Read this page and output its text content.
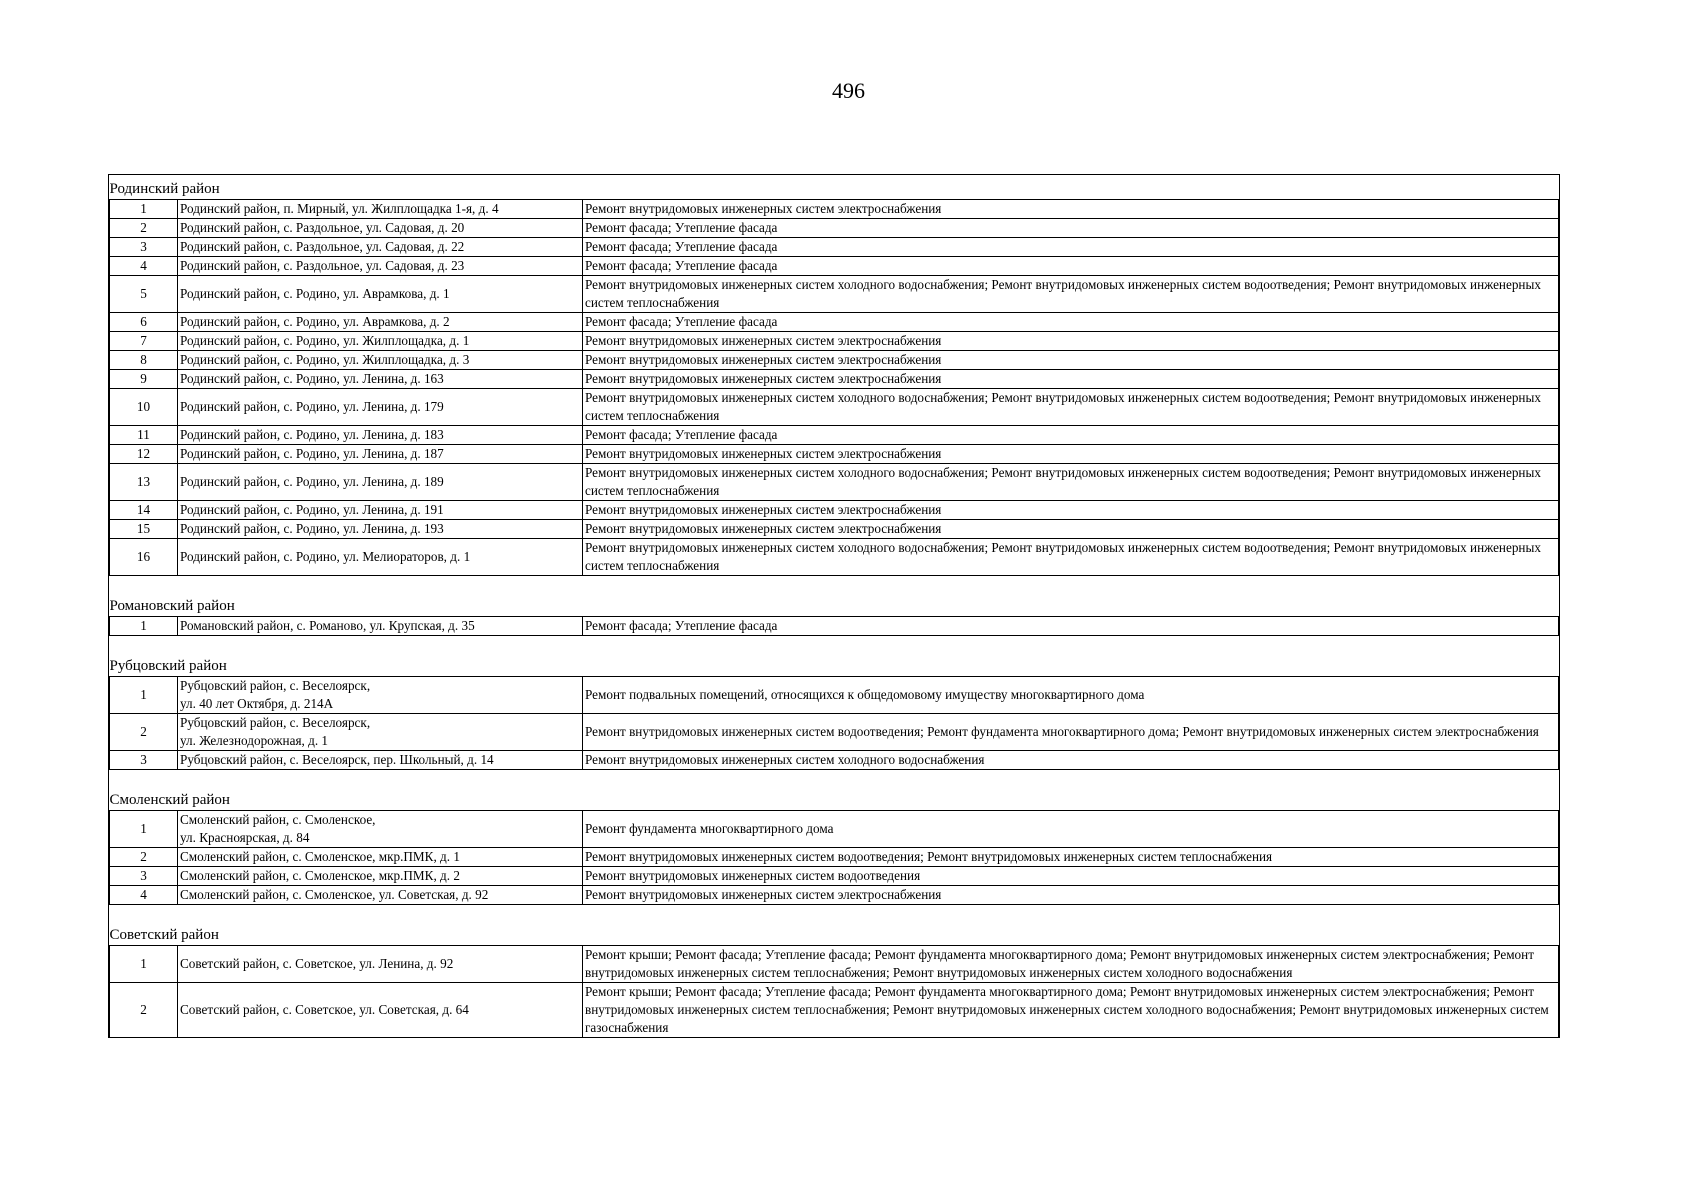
496
Родинский район		
1	Родинский район, п. Мирный, ул. Жилплощадка 1-я, д. 4	Ремонт внутридомовых инженерных систем электроснабжения
2	Родинский район, с. Раздольное, ул. Садовая, д. 20	Ремонт фасада; Утепление фасада
3	Родинский район, с. Раздольное, ул. Садовая, д. 22	Ремонт фасада; Утепление фасада
4	Родинский район, с. Раздольное, ул. Садовая, д. 23	Ремонт фасада; Утепление фасада
5	Родинский район, с. Родино, ул. Аврамкова, д. 1	Ремонт внутридомовых инженерных систем холодного водоснабжения; Ремонт внутридомовых инженерных систем водоотведения; Ремонт внутридомовых инженерных систем теплоснабжения
6	Родинский район, с. Родино, ул. Аврамкова, д. 2	Ремонт фасада; Утепление фасада
7	Родинский район, с. Родино, ул. Жилплощадка, д. 1	Ремонт внутридомовых инженерных систем электроснабжения
8	Родинский район, с. Родино, ул. Жилплощадка, д. 3	Ремонт внутридомовых инженерных систем электроснабжения
9	Родинский район, с. Родино, ул. Ленина, д. 163	Ремонт внутридомовых инженерных систем электроснабжения
10	Родинский район, с. Родино, ул. Ленина, д. 179	Ремонт внутридомовых инженерных систем холодного водоснабжения; Ремонт внутридомовых инженерных систем водоотведения; Ремонт внутридомовых инженерных систем теплоснабжения
11	Родинский район, с. Родино, ул. Ленина, д. 183	Ремонт фасада; Утепление фасада
12	Родинский район, с. Родино, ул. Ленина, д. 187	Ремонт внутридомовых инженерных систем электроснабжения
13	Родинский район, с. Родино, ул. Ленина, д. 189	Ремонт внутридомовых инженерных систем холодного водоснабжения; Ремонт внутридомовых инженерных систем водоотведения; Ремонт внутридомовых инженерных систем теплоснабжения
14	Родинский район, с. Родино, ул. Ленина, д. 191	Ремонт внутридомовых инженерных систем электроснабжения
15	Родинский район, с. Родино, ул. Ленина, д. 193	Ремонт внутридомовых инженерных систем электроснабжения
16	Родинский район, с. Родино, ул. Мелиораторов, д. 1	Ремонт внутридомовых инженерных систем холодного водоснабжения; Ремонт внутридомовых инженерных систем водоотведения; Ремонт внутридомовых инженерных систем теплоснабжения

Романовский район		
1	Романовский район, с. Романово, ул. Крупская, д. 35	Ремонт фасада; Утепление фасада

Рубцовский район		
1	Рубцовский район, с. Веселоярск,
ул. 40 лет Октября, д. 214А	Ремонт подвальных помещений, относящихся к общедомовому имуществу многоквартирного дома
2	Рубцовский район, с. Веселоярск,
ул. Железнодорожная, д. 1	Ремонт внутридомовых инженерных систем водоотведения; Ремонт фундамента многоквартирного дома; Ремонт внутридомовых инженерных систем электроснабжения
3	Рубцовский район, с. Веселоярск, пер. Школьный, д. 14	Ремонт внутридомовых инженерных систем холодного водоснабжения

Смоленский район		
1	Смоленский район, с. Смоленское,
ул. Красноярская, д. 84	Ремонт фундамента многоквартирного дома
2	Смоленский район, с. Смоленское, мкр.ПМК, д. 1	Ремонт внутридомовых инженерных систем водоотведения; Ремонт внутридомовых инженерных систем теплоснабжения
3	Смоленский район, с. Смоленское, мкр.ПМК, д. 2	Ремонт внутридомовых инженерных систем водоотведения
4	Смоленский район, с. Смоленское, ул. Советская, д. 92	Ремонт внутридомовых инженерных систем электроснабжения

Советский район		
1	Советский район, с. Советское, ул. Ленина, д. 92	Ремонт крыши; Ремонт фасада; Утепление фасада; Ремонт фундамента многоквартирного дома; Ремонт внутридомовых инженерных систем электроснабжения; Ремонт внутридомовых инженерных систем теплоснабжения; Ремонт внутридомовых инженерных систем холодного водоснабжения
2	Советский район, с. Советское, ул. Советская, д. 64	Ремонт крыши; Ремонт фасада; Утепление фасада; Ремонт фундамента многоквартирного дома; Ремонт внутридомовых инженерных систем электроснабжения; Ремонт внутридомовых инженерных систем теплоснабжения; Ремонт внутридомовых инженерных систем холодного водоснабжения; Ремонт внутридомовых инженерных систем газоснабжения
